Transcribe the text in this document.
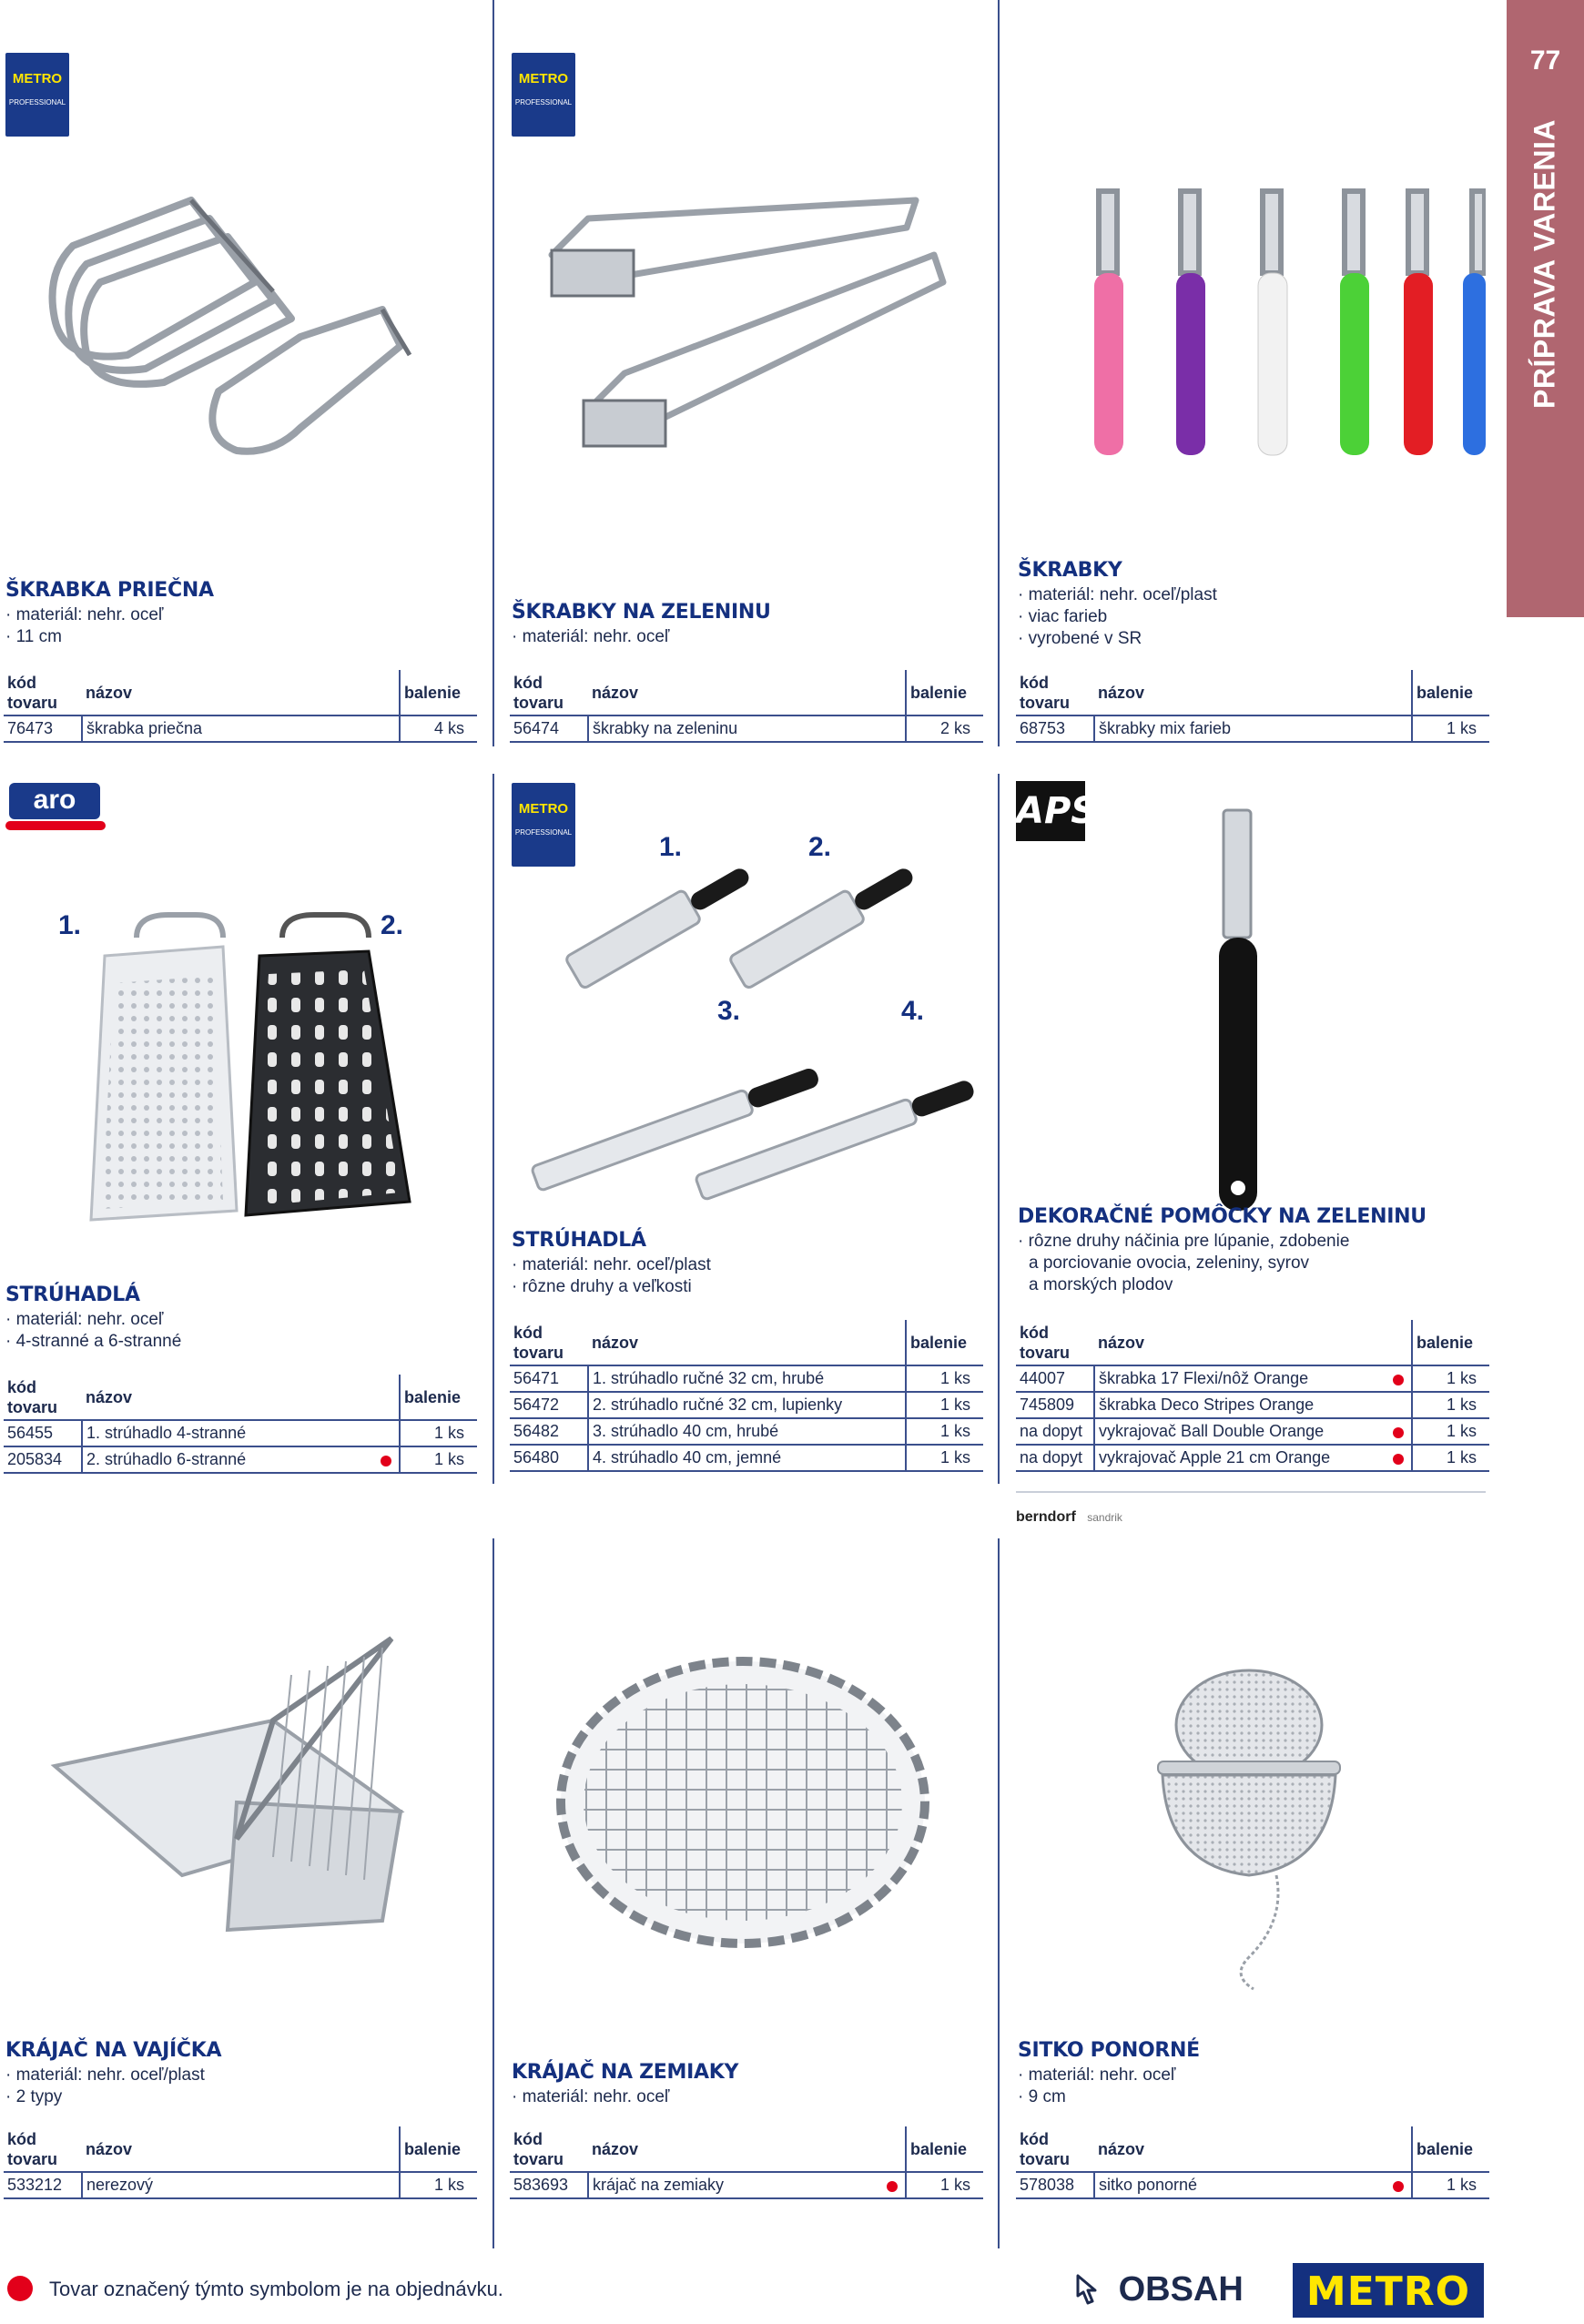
77
PRÍPRAVA VARENIA
METRO
PROFESSIONAL
ŠKRABKA PRIEČNA
· materiál: nehr. oceľ
· 11 cm
kód tovaru	názov	balenie
76473	škrabka priečna	4 ks
METRO
PROFESSIONAL
ŠKRABKY NA ZELENINU
· materiál: nehr. oceľ
kód tovaru	názov	balenie
56474	škrabky na zeleninu	2 ks
ŠKRABKY
· materiál: nehr. oceľ/plast
· viac farieb
· vyrobené v SR
kód tovaru	názov	balenie
68753	škrabky mix farieb	1 ks
aro
1.	2.
STRÚHADLÁ
· materiál: nehr. oceľ
· 4-stranné a 6-stranné
kód tovaru	názov	balenie
56455	1. strúhadlo 4-stranné	1 ks
205834	2. strúhadlo 6-stranné	1 ks
METRO
PROFESSIONAL	1.	2.
3.	4.
STRÚHADLÁ
· materiál: nehr. oceľ/plast
· rôzne druhy a veľkosti
kód tovaru	názov	balenie
56471	1. strúhadlo ručné 32 cm, hrubé	1 ks
56472	2. strúhadlo ručné 32 cm, lupienky	1 ks
56482	3. strúhadlo 40 cm, hrubé	1 ks
56480	4. strúhadlo 40 cm, jemné	1 ks
APS
DEKORAČNÉ POMÔCKY NA ZELENINU
· rôzne druhy náčinia pre lúpanie, zdobenie
a porciovanie ovocia, zeleniny, syrov
a morských plodov
kód tovaru	názov	balenie
44007	škrabka 17 Flexi/nôž Orange	1 ks
745809	škrabka Deco Stripes Orange	1 ks
na dopyt	vykrajovač Ball Double Orange	1 ks
na dopyt	vykrajovač Apple 21 cm Orange	1 ks
KRÁJAČ NA VAJÍČKA
· materiál: nehr. oceľ/plast
· 2 typy
kód tovaru	názov	balenie
533212	nerezový	1 ks
KRÁJAČ NA ZEMIAKY
· materiál: nehr. oceľ
kód tovaru	názov	balenie
583693	krájač na zemiaky	1 ks
berndorf sandrik
SITKO PONORNÉ
· materiál: nehr. oceľ
· 9 cm
kód tovaru	názov	balenie
578038	sitko ponorné	1 ks
Tovar označený týmto symbolom je na objednávku.	OBSAH	METRO
